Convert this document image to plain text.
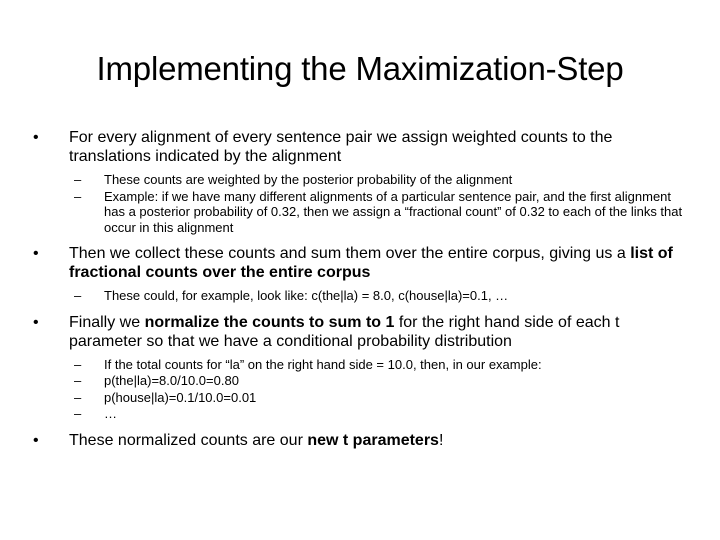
Implementing the Maximization-Step
• For every alignment of every sentence pair we assign weighted counts to the translations indicated by the alignment
– These counts are weighted by the posterior probability of the alignment
– Example: if we have many different alignments of a particular sentence pair, and the first alignment has a posterior probability of 0.32, then we assign a “fractional count” of 0.32 to each of the links that occur in this alignment
• Then we collect these counts and sum them over the entire corpus, giving us a list of fractional counts over the entire corpus
– These could, for example, look like: c(the|la) = 8.0, c(house|la)=0.1, …
• Finally we normalize the counts to sum to 1 for the right hand side of each t parameter so that we have a conditional probability distribution
– If the total counts for “la” on the right hand side = 10.0, then, in our example:
– p(the|la)=8.0/10.0=0.80
– p(house|la)=0.1/10.0=0.01
– …
• These normalized counts are our new t parameters!
